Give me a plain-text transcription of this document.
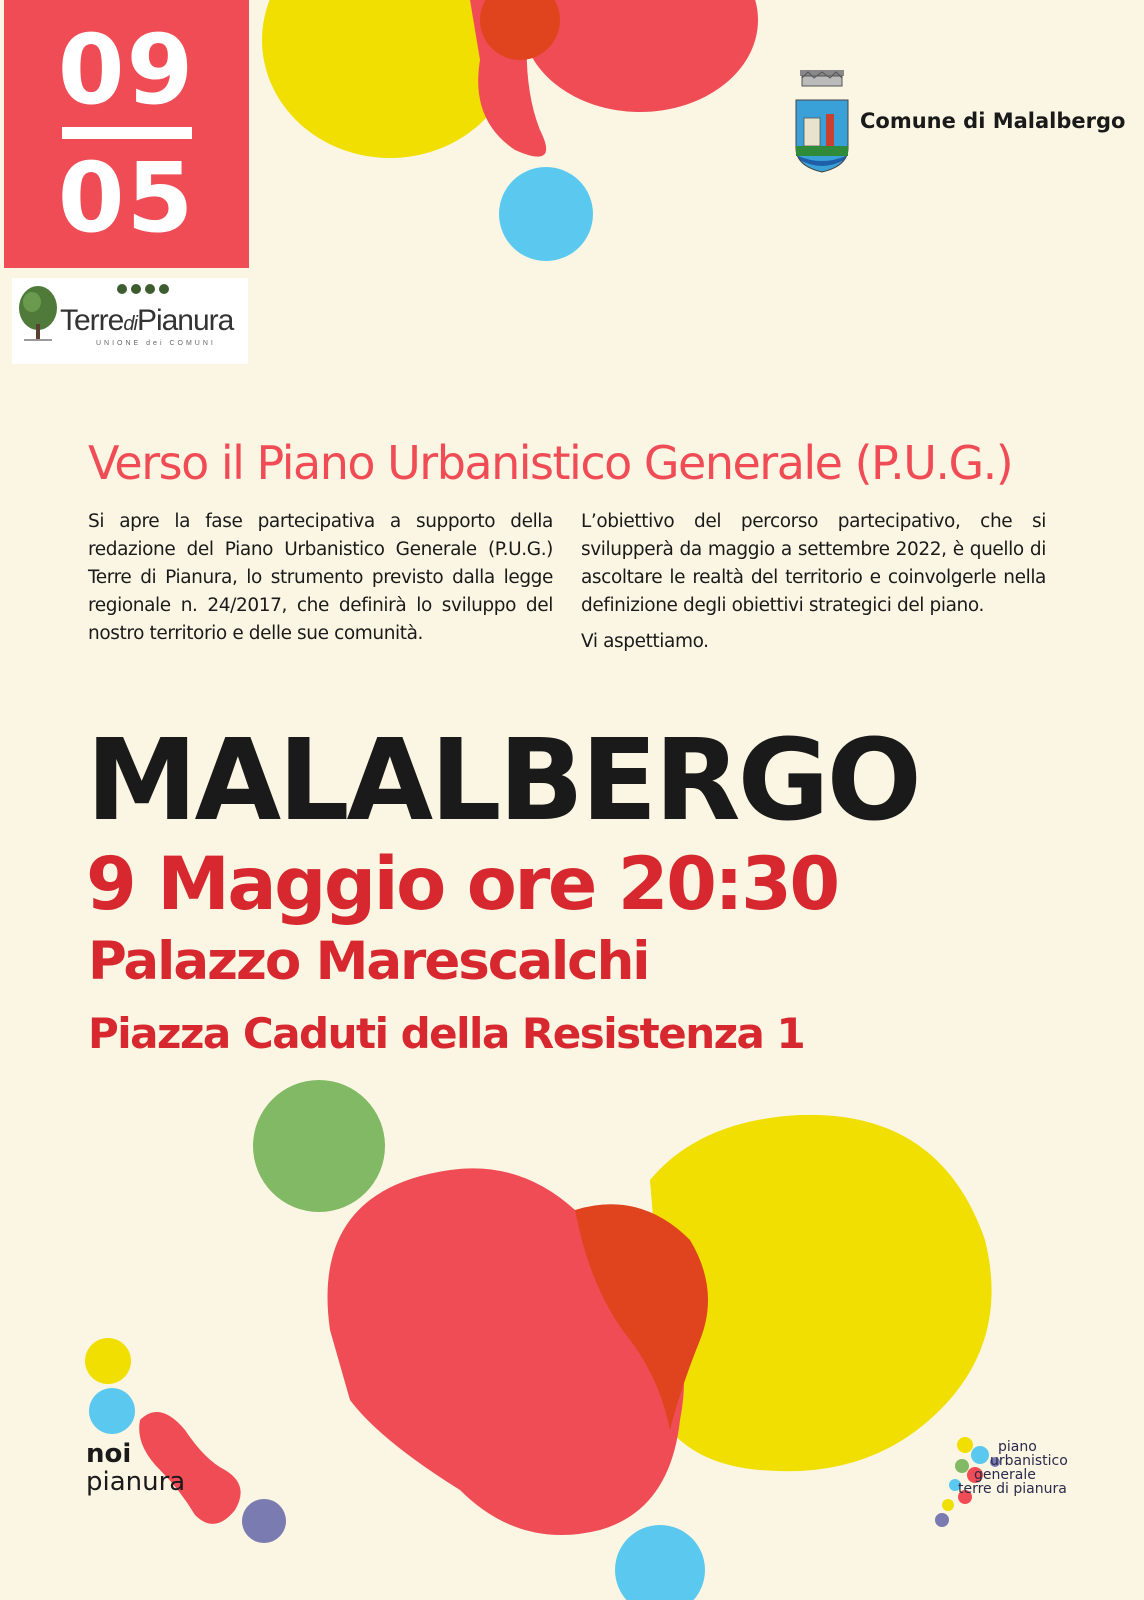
09
05
TerrediPianura
UNIONE dei COMUNI
Comune di Malalbergo
Verso il Piano Urbanistico Generale (P.U.G.)

Si apre la fase partecipativa a supporto della redazione del Piano Urbanistico Generale (P.U.G.) Terre di Pianura, lo strumento previsto dalla legge regionale n. 24/2017, che definirà lo sviluppo del nostro territorio e delle sue comunità.

L’obiettivo del percorso partecipativo, che si svilupperà da maggio a settembre 2022, è quello di ascoltare le realtà del territorio e coinvolgerle nella definizione degli obiettivi strategici del piano.

Vi aspettiamo.

MALALBERGO
9 Maggio ore 20:30
Palazzo Marescalchi
Piazza Caduti della Resistenza 1
noi
pianura
piano
urbanistico
generale
terre di pianura
